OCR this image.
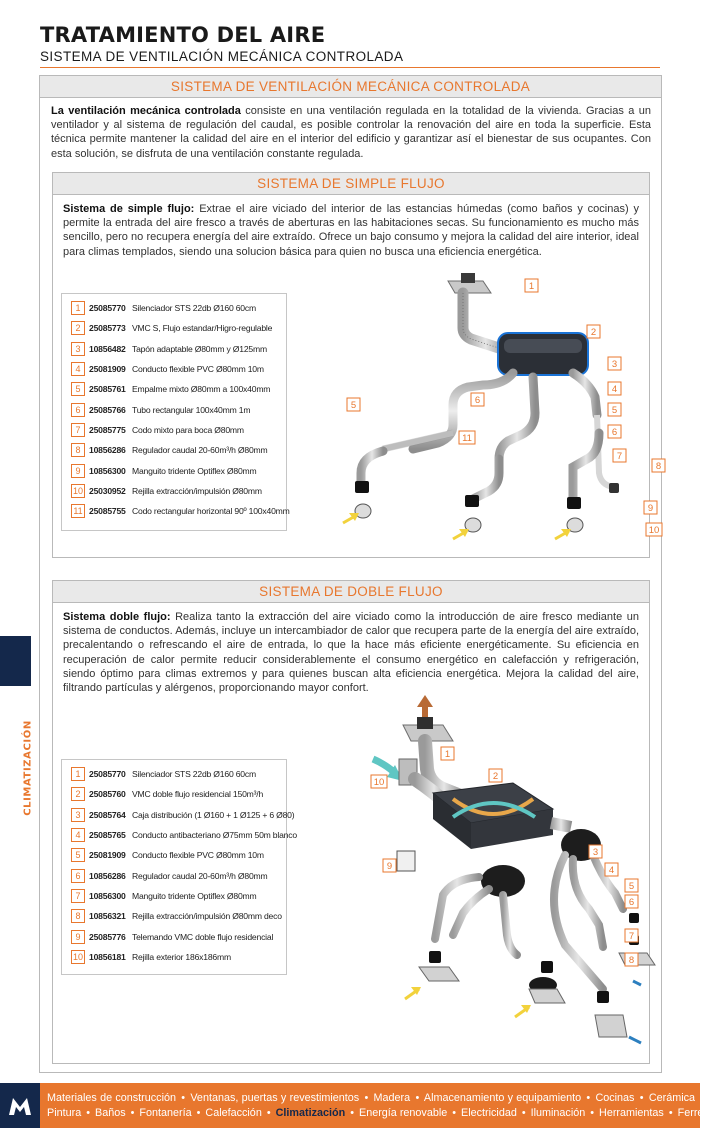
TRATAMIENTO DEL AIRE
SISTEMA DE VENTILACIÓN MECÁNICA CONTROLADA
SISTEMA DE VENTILACIÓN MECÁNICA CONTROLADA

La ventilación mecánica controlada consiste en una ventilación regulada en la totalidad de la vivienda. Gracias a un ventilador y al sistema de regulación del caudal, es posible controlar la renovación del aire en toda la superficie. Esta técnica permite mantener la calidad del aire en el interior del edificio y garantizar así el bienestar de sus ocupantes. Con esta solución, se disfruta de una ventilación constante regulada.

SISTEMA DE SIMPLE FLUJO

Sistema de simple flujo: Extrae el aire viciado del interior de las estancias húmedas (como baños y cocinas) y permite la entrada del aire fresco a través de aberturas en las habitaciones secas. Su funcionamiento es mucho más sencillo, pero no recupera energía del aire extraído. Ofrece un bajo consumo y mejora la calidad del aire interior, ideal para climas templados, siendo una solucion básica para quien no busca una eficiencia energética.

1 25085770 Silenciador STS 22db Ø160 60cm
2 25085773 VMC S, Flujo estandar/Higro-regulable
3 10856482 Tapón adaptable Ø80mm y Ø125mm
4 25081909 Conducto flexible PVC Ø80mm 10m
5 25085761 Empalme mixto Ø80mm a 100x40mm
6 25085766 Tubo rectangular 100x40mm 1m
7 25085775 Codo mixto para boca Ø80mm
8 10856286 Regulador caudal 20-60m³/h Ø80mm
9 10856300 Manguito tridente Optiflex Ø80mm
10 25030952 Rejilla extracción/impulsión Ø80mm
11 25085755 Codo rectangular horizontal 90º 100x40mm
1
2
3
4
5	5
6
6
7
8
9
10
11
SISTEMA DE DOBLE FLUJO

Sistema doble flujo: Realiza tanto la extracción del aire viciado como la introducción de aire fresco mediante un sistema de conductos. Además, incluye un intercambiador de calor que recupera parte de la energía del aire extraído, precalentando o refrescando el aire de entrada, lo que la hace más eficiente energéticamente. Su eficiencia en recuperación de calor permite reducir considerablemente el consumo energético en calefacción y refrigeración, siendo óptimo para climas extremos y para quienes buscan alta eficiencia energética. Mejora la calidad del aire, filtrando partículas y alérgenos, proporcionando mayor confort.

1 25085770 Silenciador STS 22db Ø160 60cm
2 25085760 VMC doble flujo residencial 150m³/h
3 25085764 Caja distribución (1 Ø160 + 1 Ø125 + 6 Ø80)
4 25085765 Conducto antibacteriano Ø75mm 50m blanco
5 25081909 Conducto flexible PVC Ø80mm 10m
6 10856286 Regulador caudal 20-60m³/h Ø80mm
7 10856300 Manguito tridente Optiflex Ø80mm
8 10856321 Rejilla extracción/impulsión Ø80mm deco
9 25085776 Telemando VMC doble flujo residencial
10 10856181 Rejilla exterior 186x186mm
1
2
3
4
5
6
7
8
9
10
CLIMATIZACIÓN
Materiales de construcción • Ventanas, puertas y revestimientos • Madera • Almacenamiento y equipamiento • Cocinas • Cerámica
Pintura • Baños • Fontanería • Calefacción • Climatización • Energía renovable • Electricidad • Iluminación • Herramientas • Ferretería
